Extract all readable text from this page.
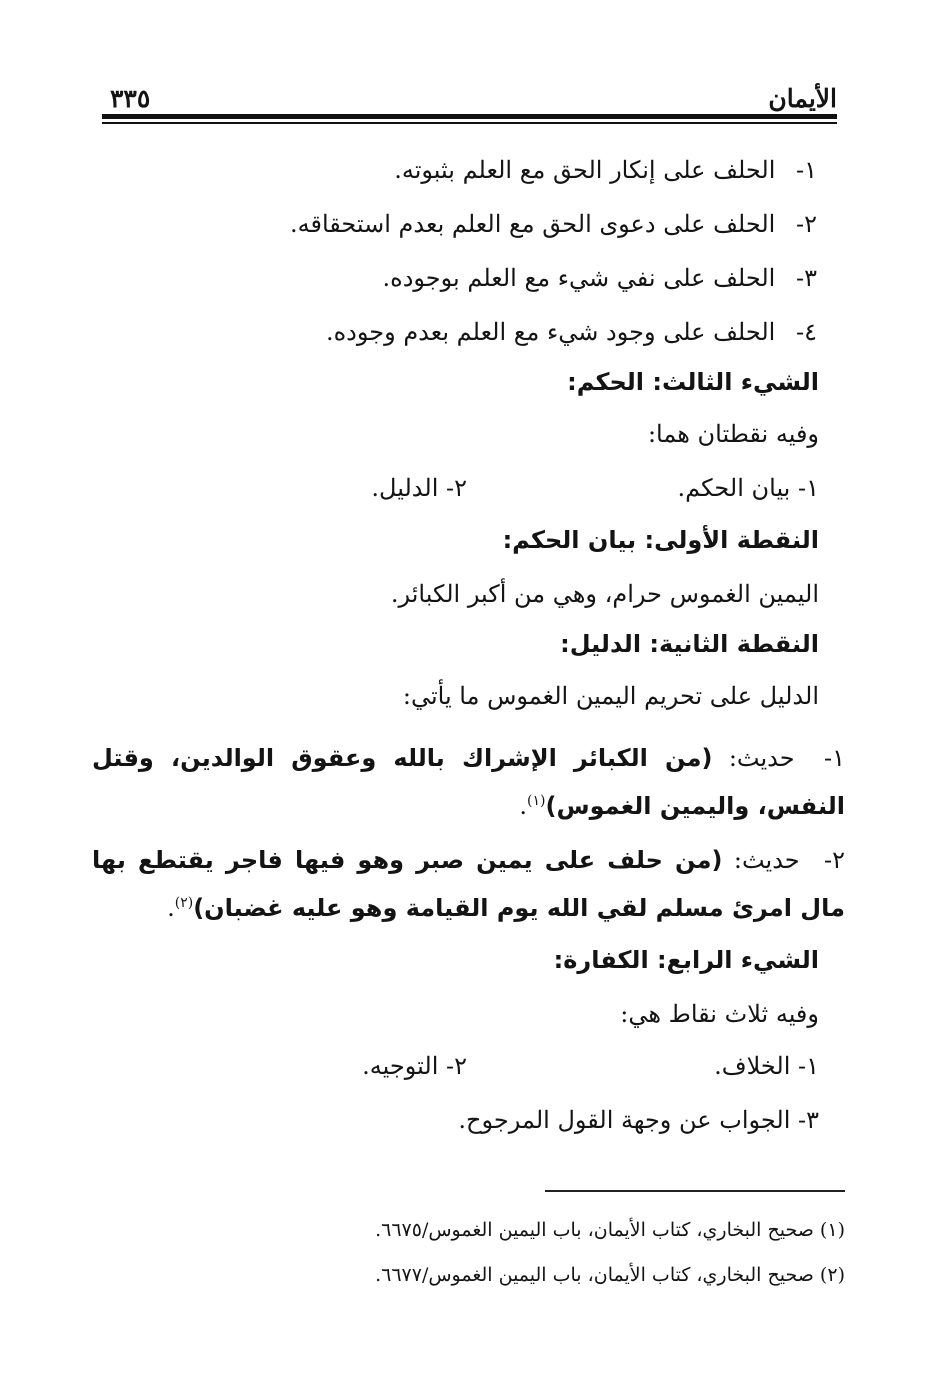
الأيمان
٣٣٥
١- الحلف على إنكار الحق مع العلم بثبوته.
٢- الحلف على دعوى الحق مع العلم بعدم استحقاقه.
٣- الحلف على نفي شيء مع العلم بوجوده.
٤- الحلف على وجود شيء مع العلم بعدم وجوده.
الشيء الثالث: الحكم:
وفيه نقطتان هما:
١- بيان الحكم.
٢- الدليل.
النقطة الأولى: بيان الحكم:
اليمين الغموس حرام، وهي من أكبر الكبائر.
النقطة الثانية: الدليل:
الدليل على تحريم اليمين الغموس ما يأتي:
١- حديث: (من الكبائر الإشراك بالله وعقوق الوالدين، وقتل النفس، واليمين الغموس)$^{(١)}$.
٢- حديث: (من حلف على يمين صبر وهو فيها فاجر يقتطع بها مال امرئ مسلم لقي الله يوم القيامة وهو عليه غضبان)$^{(٢)}$.
الشيء الرابع: الكفارة:
وفيه ثلاث نقاط هي:
١- الخلاف.
٢- التوجيه.
٣- الجواب عن وجهة القول المرجوح.
(١) صحيح البخاري، كتاب الأيمان، باب اليمين الغموس/٦٦٧٥.
(٢) صحيح البخاري، كتاب الأيمان، باب اليمين الغموس/٦٦٧٧.
